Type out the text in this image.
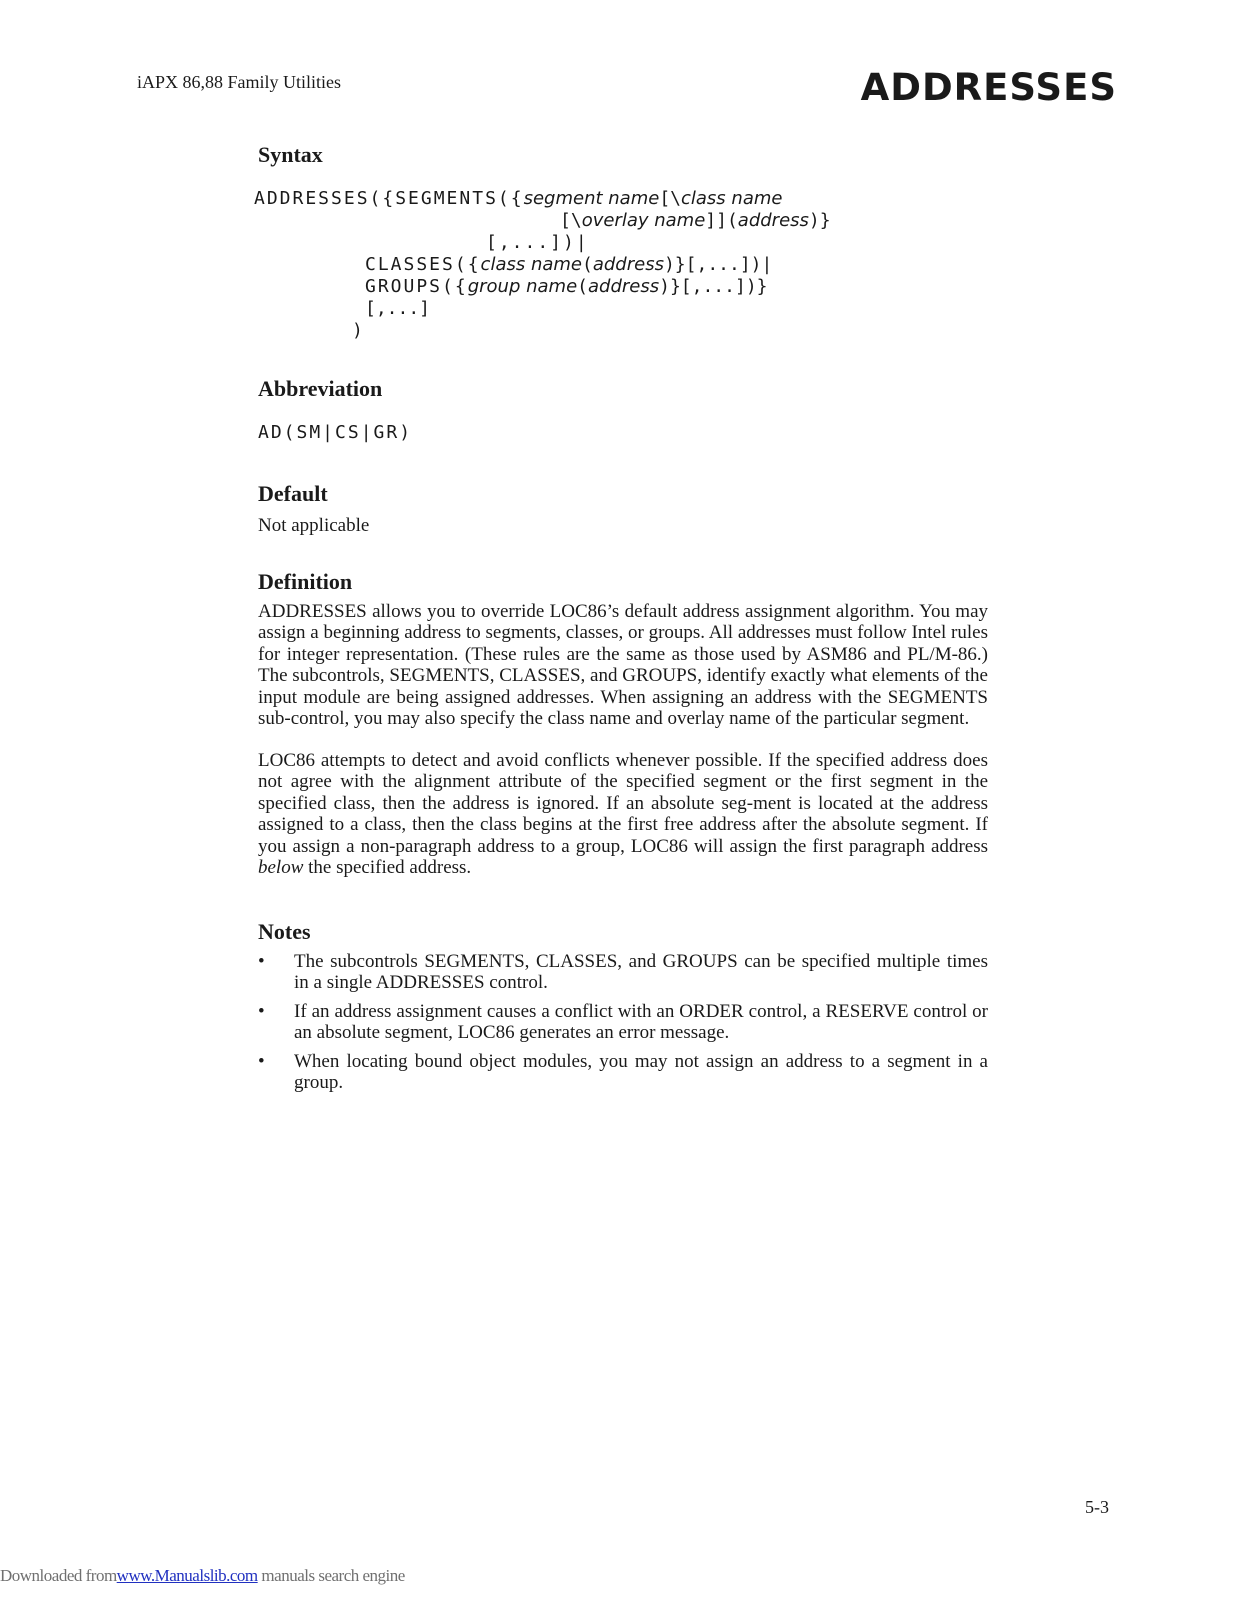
iAPX 86,88 Family Utilities	ADDRESSES
Syntax
ADDRESSES({SEGMENTS({segment name[\class name
[\overlay name]](address)}
[,...])|
CLASSES({class name(address)}[,...])|
GROUPS({group name(address)}[,...])}
[,...]
)
Abbreviation

AD(SM|CS|GR)

Default

Not applicable

Definition

ADDRESSES allows you to override LOC86’s default address assignment algorithm. You may assign a beginning address to segments, classes, or groups. All addresses must follow Intel rules for integer representation. (These rules are the same as those used by ASM86 and PL/M-86.) The subcontrols, SEGMENTS, CLASSES, and GROUPS, identify exactly what elements of the input module are being assigned addresses. When assigning an address with the SEGMENTS sub-control, you may also specify the class name and overlay name of the particular segment.

LOC86 attempts to detect and avoid conflicts whenever possible. If the specified address does not agree with the alignment attribute of the specified segment or the first segment in the specified class, then the address is ignored. If an absolute seg-ment is located at the address assigned to a class, then the class begins at the first free address after the absolute segment. If you assign a non-paragraph address to a group, LOC86 will assign the first paragraph address below the specified address.

Notes
• The subcontrols SEGMENTS, CLASSES, and GROUPS can be specified multiple times in a single ADDRESSES control.
• If an address assignment causes a conflict with an ORDER control, a RESERVE control or an absolute segment, LOC86 generates an error message.
• When locating bound object modules, you may not assign an address to a segment in a group.
5-3
Downloaded fromwww.Manualslib.com manuals search engine
